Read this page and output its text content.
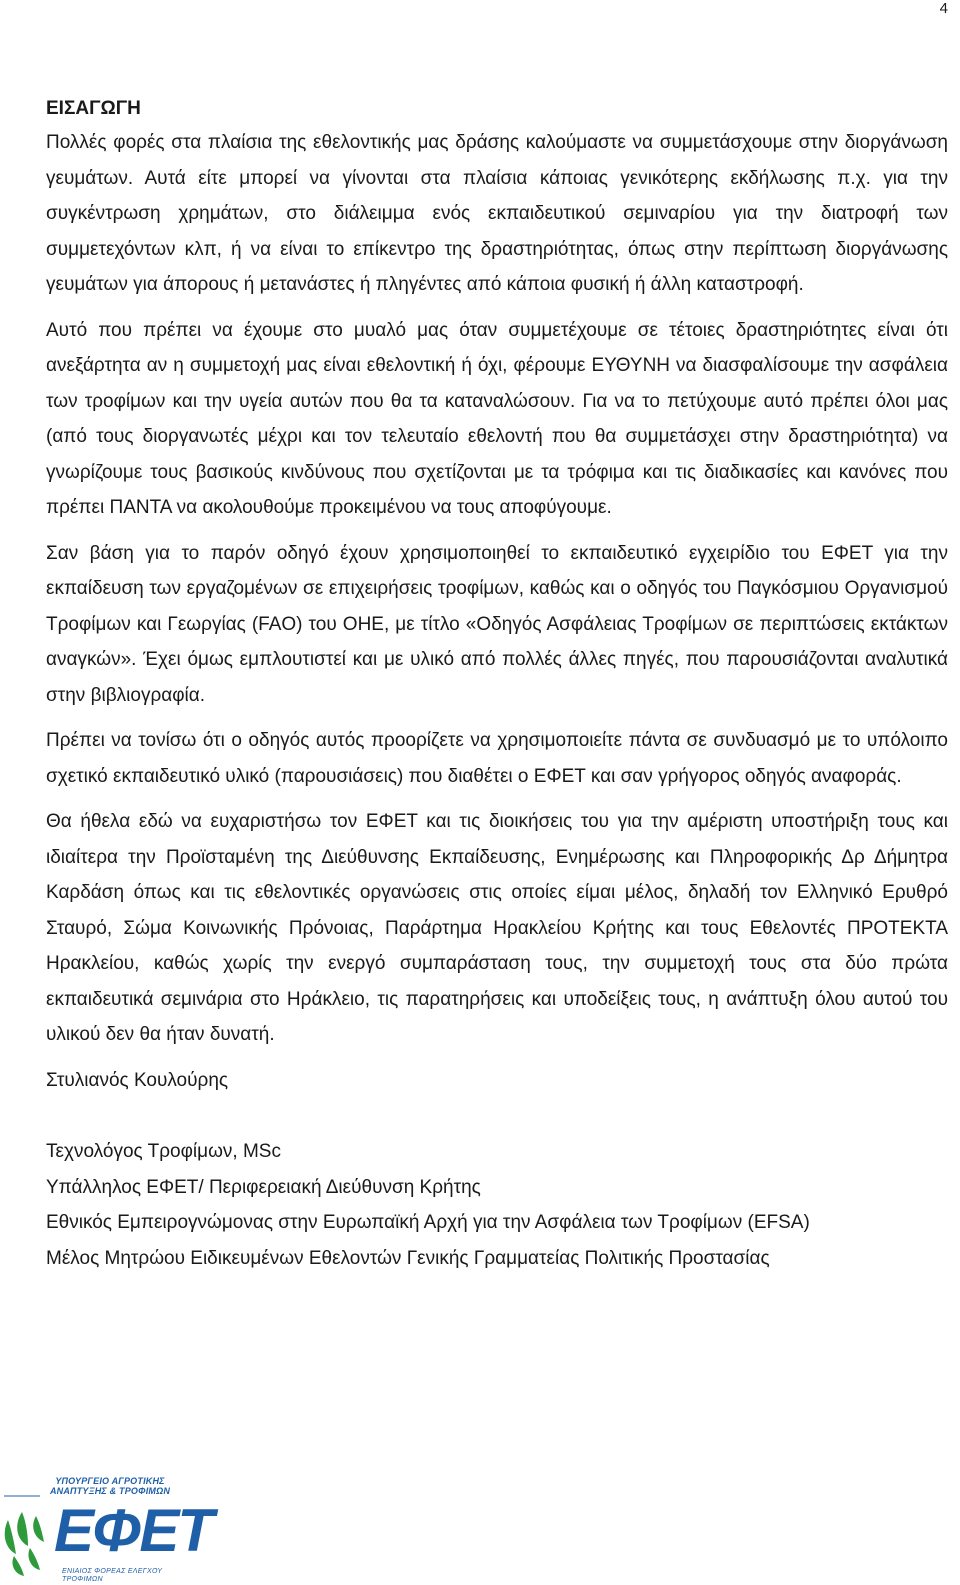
4

ΕΙΣΑΓΩΓΗ

Πολλές φορές στα πλαίσια της εθελοντικής μας δράσης καλούμαστε να συμμετάσχουμε στην διοργάνωση γευμάτων. Αυτά είτε μπορεί να γίνονται στα πλαίσια κάποιας γενικότερης εκδήλωσης π.χ. για την συγκέντρωση χρημάτων, στο διάλειμμα ενός εκπαιδευτικού σεμιναρίου για την διατροφή των συμμετεχόντων κλπ, ή να είναι το επίκεντρο της δραστηριότητας, όπως στην περίπτωση διοργάνωσης γευμάτων για άπορους ή μετανάστες ή πληγέντες από κάποια φυσική ή άλλη καταστροφή.

Αυτό που πρέπει να έχουμε στο μυαλό μας όταν συμμετέχουμε σε τέτοιες δραστηριότητες είναι ότι ανεξάρτητα αν η συμμετοχή μας είναι εθελοντική ή όχι, φέρουμε ΕΥΘΥΝΗ να διασφαλίσουμε την ασφάλεια των τροφίμων και την υγεία αυτών που θα τα καταναλώσουν. Για να το πετύχουμε αυτό πρέπει όλοι μας (από τους διοργανωτές μέχρι και τον τελευταίο εθελοντή που θα συμμετάσχει στην δραστηριότητα) να γνωρίζουμε τους βασικούς κινδύνους που σχετίζονται με τα τρόφιμα και τις διαδικασίες και κανόνες που πρέπει ΠΑΝΤΑ να ακολουθούμε προκειμένου να τους αποφύγουμε.

Σαν βάση για το παρόν οδηγό έχουν χρησιμοποιηθεί το εκπαιδευτικό εγχειρίδιο του ΕΦΕΤ για την εκπαίδευση των εργαζομένων σε επιχειρήσεις τροφίμων, καθώς και ο οδηγός του Παγκόσμιου Οργανισμού Τροφίμων και Γεωργίας (FAO) του ΟΗΕ, με τίτλο «Οδηγός Ασφάλειας Τροφίμων σε περιπτώσεις εκτάκτων αναγκών». Έχει όμως εμπλουτιστεί και με υλικό από πολλές άλλες πηγές, που παρουσιάζονται αναλυτικά στην βιβλιογραφία.

Πρέπει να τονίσω ότι ο οδηγός αυτός προορίζετε να χρησιμοποιείτε πάντα σε συνδυασμό με το υπόλοιπο σχετικό εκπαιδευτικό υλικό (παρουσιάσεις) που διαθέτει ο ΕΦΕΤ και σαν γρήγορος οδηγός αναφοράς.

Θα ήθελα εδώ να ευχαριστήσω τον ΕΦΕΤ και τις διοικήσεις του για την αμέριστη υποστήριξη τους και ιδιαίτερα την Προϊσταμένη της Διεύθυνσης Εκπαίδευσης, Ενημέρωσης και Πληροφορικής Δρ Δήμητρα Καρδάση όπως και τις εθελοντικές οργανώσεις στις οποίες είμαι μέλος, δηλαδή τον Ελληνικό Ερυθρό Σταυρό, Σώμα Κοινωνικής Πρόνοιας, Παράρτημα Ηρακλείου Κρήτης και τους Εθελοντές ΠΡΟΤΕΚΤΑ Ηρακλείου, καθώς χωρίς την ενεργό συμπαράσταση τους, την συμμετοχή τους στα δύο πρώτα εκπαιδευτικά σεμινάρια στο Ηράκλειο, τις παρατηρήσεις και υποδείξεις τους, η ανάπτυξη όλου αυτού του υλικού δεν θα ήταν δυνατή.

Στυλιανός Κουλούρης

Τεχνολόγος Τροφίμων, MSc

Υπάλληλος ΕΦΕΤ/ Περιφερειακή Διεύθυνση Κρήτης

Εθνικός Εμπειρογνώμονας στην Ευρωπαϊκή Αρχή για την Ασφάλεια των Τροφίμων (EFSA)

Μέλος Μητρώου Ειδικευμένων Εθελοντών Γενικής Γραμματείας Πολιτικής Προστασίας

ΥΠΟΥΡΓΕΙΟ ΑΓΡΟΤΙΚΗΣ
ΑΝΑΠΤΥΞΗΣ & ΤΡΟΦΙΜΩΝ
ΕΦΕΤ
ΕΝΙΑΙΟΣ ΦΟΡΕΑΣ ΕΛΕΓΧΟΥ ΤΡΟΦΙΜΩΝ
